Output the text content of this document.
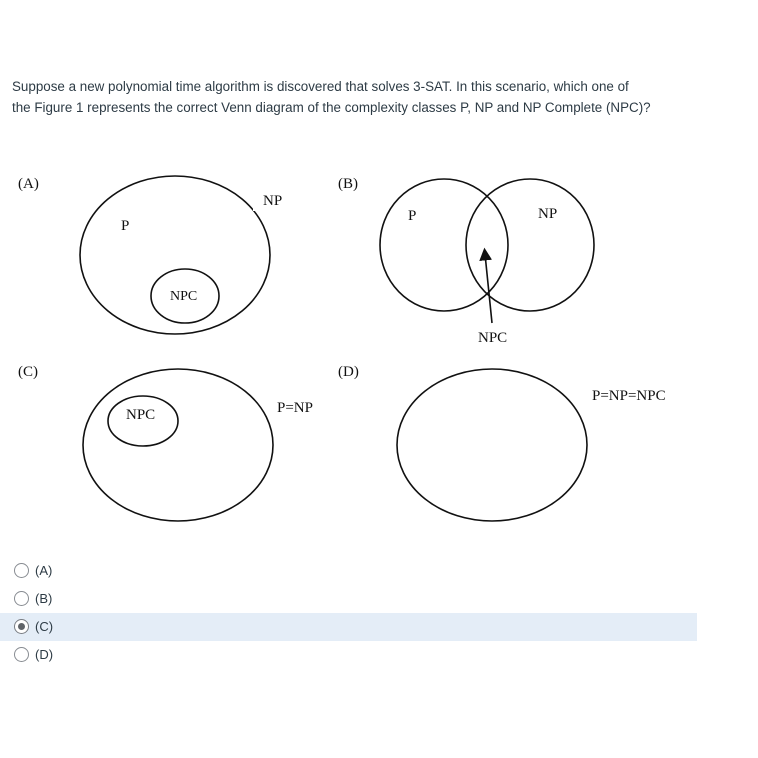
Suppose a new polynomial time algorithm is discovered that solves 3-SAT. In this scenario, which one of

the Figure 1 represents the correct Venn diagram of the complexity classes P, NP and NP Complete (NPC)?

(A)
NP
P
NPC
(B)
P	NP
NPC
(C)
P=NP
NPC
(D)
P=NP=NPC
(A)
(B)
(C)
(D)
